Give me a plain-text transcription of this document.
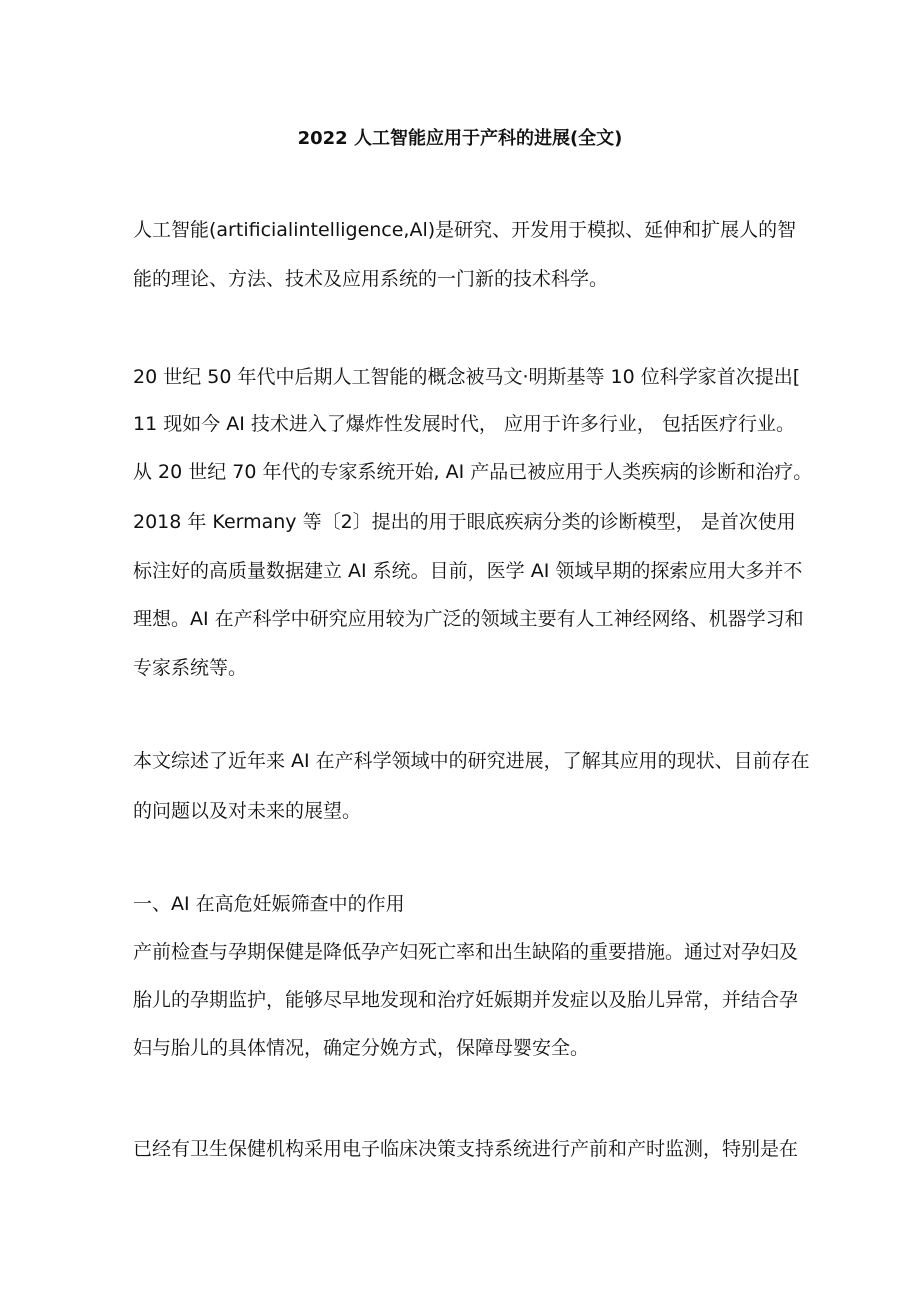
2022 人工智能应用于产科的进展(全文)
人工智能(artificialintelligence,Al)是研究、开发用于模拟、延伸和扩展人的智
能的理论、方法、技术及应用系统的一门新的技术科学。
20 世纪 50 年代中后期人工智能的概念被马文·明斯基等 10 位科学家首次提出[
11 现如今 AI 技术进入了爆炸性发展时代， 应用于许多行业， 包括医疗行业。
从 20 世纪 70 年代的专家系统开始, AI 产品已被应用于人类疾病的诊断和治疗。
2018 年 Kermany 等〔2〕提出的用于眼底疾病分类的诊断模型， 是首次使用
标注好的高质量数据建立 AI 系统。目前，医学 AI 领域早期的探索应用大多并不
理想。AI 在产科学中研究应用较为广泛的领域主要有人工神经网络、机器学习和
专家系统等。
本文综述了近年来 AI 在产科学领域中的研究进展，了解其应用的现状、目前存在
的问题以及对未来的展望。
一、AI 在高危妊娠筛查中的作用
产前检查与孕期保健是降低孕产妇死亡率和出生缺陷的重要措施。通过对孕妇及
胎儿的孕期监护，能够尽早地发现和治疗妊娠期并发症以及胎儿异常，并结合孕
妇与胎儿的具体情况，确定分娩方式，保障母婴安全。
已经有卫生保健机构采用电子临床决策支持系统进行产前和产时监测，特别是在
